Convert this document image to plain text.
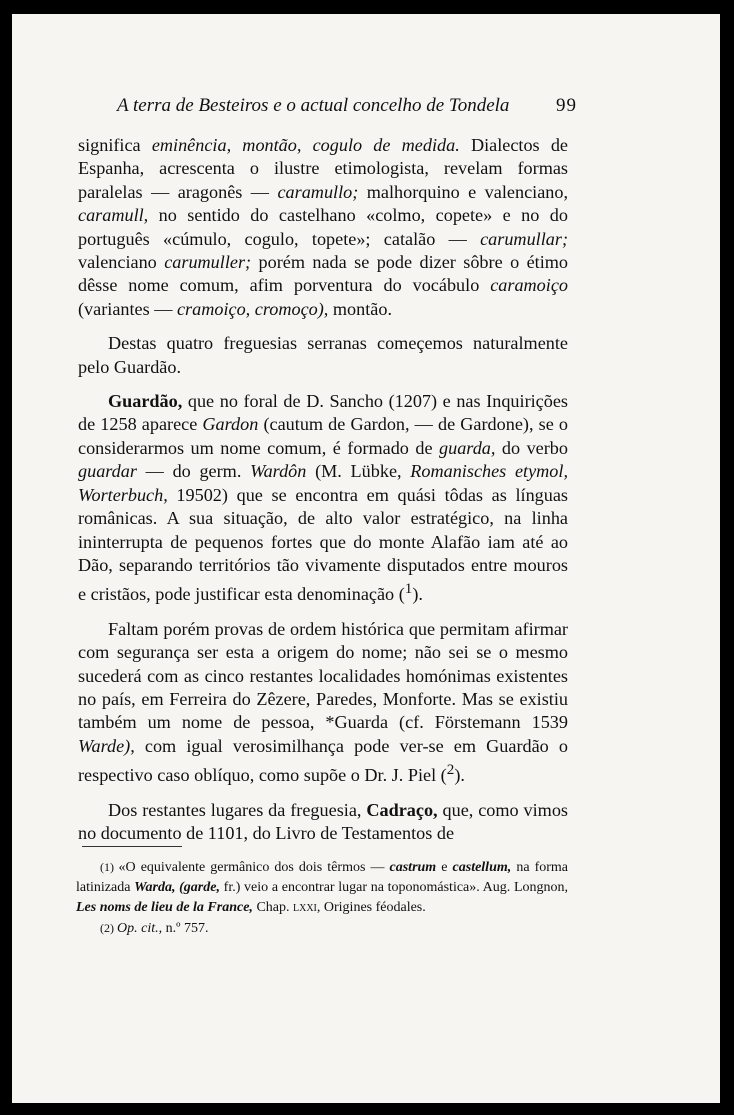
A terra de Besteiros e o actual concelho de Tondela 99

significa eminência, montão, cogulo de medida. Dialectos de Espanha, acrescenta o ilustre etimologista, revelam formas paralelas — aragonês — caramullo; malhorquino e valenciano, caramull, no sentido do castelhano «colmo, copete» e no do português «cúmulo, cogulo, topete»; catalão — carumullar; valenciano carumuller; porém nada se pode dizer sôbre o étimo dêsse nome comum, afim porventura do vocábulo caramoiço (variantes — cramoiço, cromoço), montão.

Destas quatro freguesias serranas começemos naturalmente pelo Guardão.

Guardão, que no foral de D. Sancho (1207) e nas Inquirições de 1258 aparece Gardon (cautum de Gardon, — de Gardone), se o considerarmos um nome comum, é formado de guarda, do verbo guardar — do germ. Wardôn (M. Lübke, Romanisches etymol, Worterbuch, 19502) que se encontra em quási tôdas as línguas românicas. A sua situação, de alto valor estratégico, na linha ininterrupta de pequenos fortes que do monte Alafão iam até ao Dão, separando territórios tão vivamente disputados entre mouros e cristãos, pode justificar esta denominação ($^1$).

Faltam porém provas de ordem histórica que permitam afirmar com segurança ser esta a origem do nome; não sei se o mesmo sucederá com as cinco restantes localidades homónimas existentes no país, em Ferreira do Zêzere, Paredes, Monforte. Mas se existiu também um nome de pessoa, *Guarda (cf. Förstemann 1539 Warde), com igual verosimilhança pode ver-se em Guardão o respectivo caso oblíquo, como supõe o Dr. J. Piel ($^2$).

Dos restantes lugares da freguesia, Cadraço, que, como vimos no documento de 1101, do Livro de Testamentos de

(1) «O equivalente germânico dos dois têrmos — castrum e castellum, na forma latinizada Warda, (garde, fr.) veio a encontrar lugar na toponomástica». Aug. Longnon, Les noms de lieu de la France, Chap. lxxi, Origines féodales.

(2) Op. cit., n.º 757.
